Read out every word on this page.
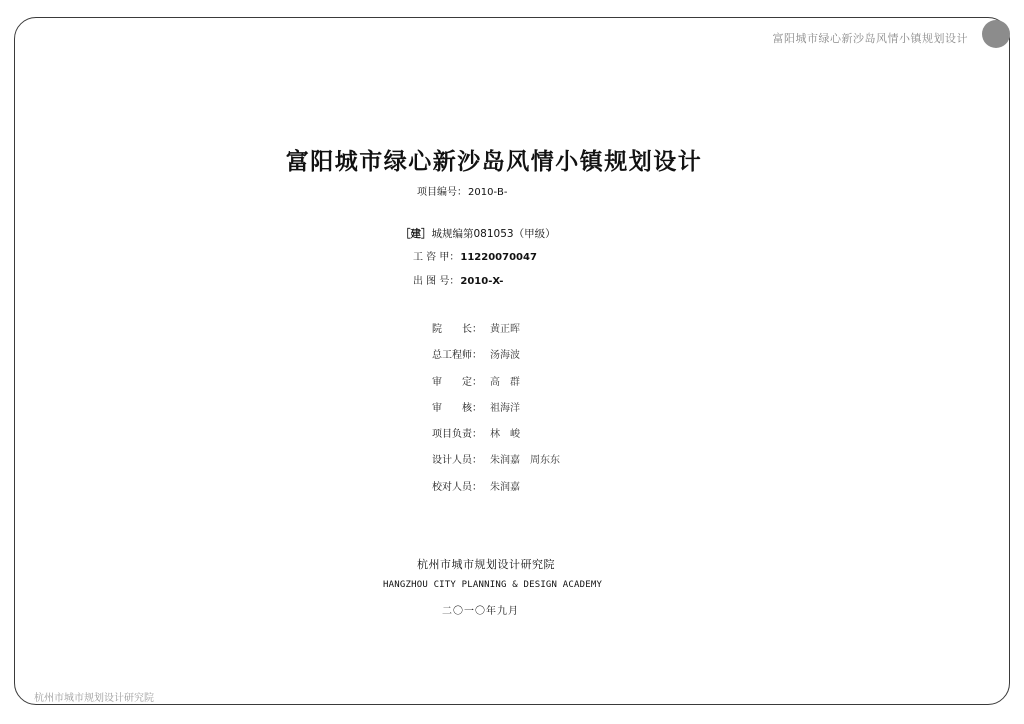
富阳城市绿心新沙岛风情小镇规划设计
富阳城市绿心新沙岛风情小镇规划设计
项目编号：2010-B-
［建］城规编第081053（甲级）
工 咨 甲：11220070047
出 图 号：2010-X-
院　　长： 黄正晖
总工程师： 汤海波
审　　定： 高　群
审　　核： 祖海洋
项目负责： 林　峻
设计人员： 朱润嘉　周东东
校对人员： 朱润嘉
杭州市城市规划设计研究院
HANGZHOU CITY PLANNING & DESIGN ACADEMY
二〇一〇年九月
杭州市城市规划设计研究院
